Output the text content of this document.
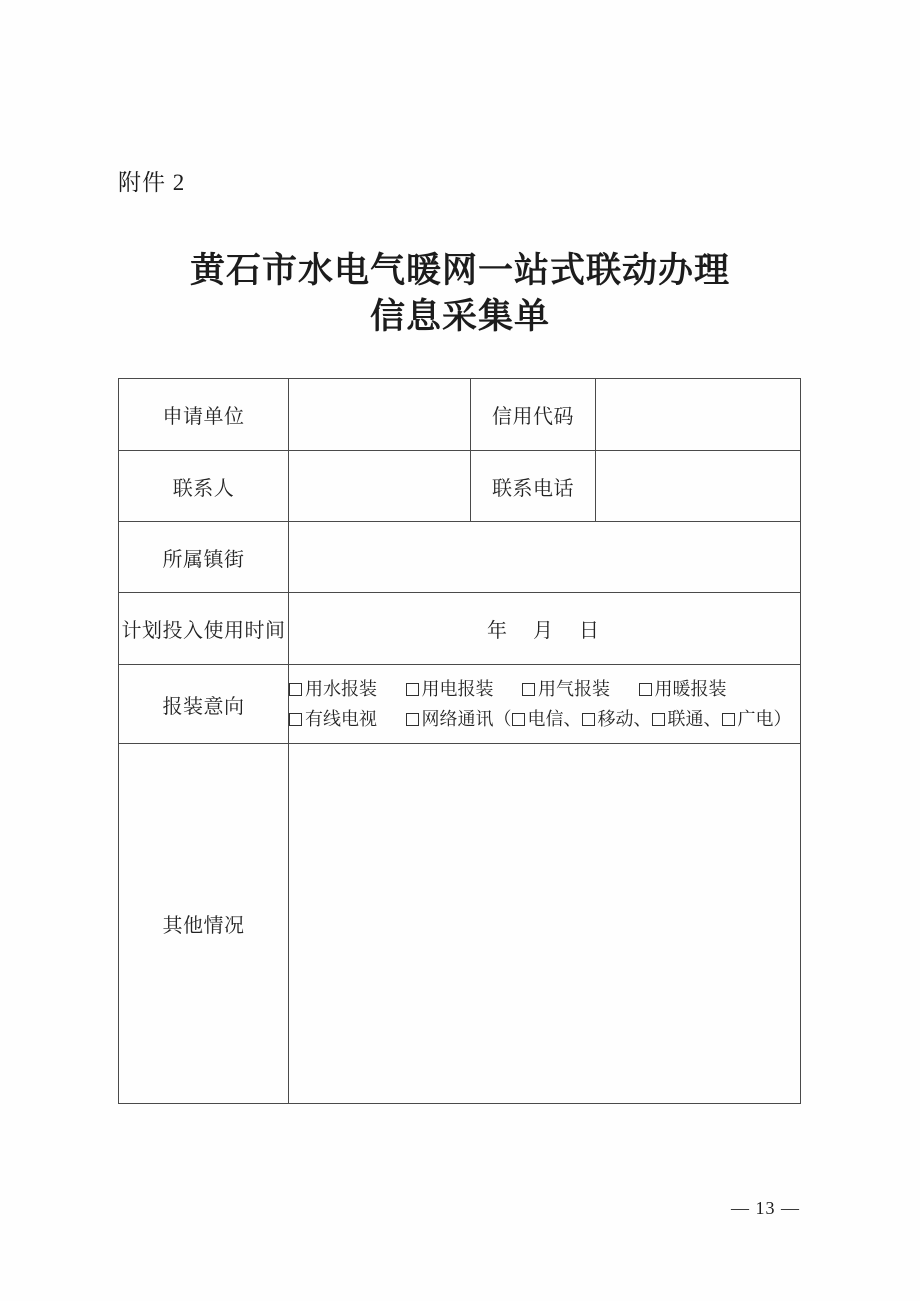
附件 2
黄石市水电气暖网一站式联动办理
信息采集单
申请单位		信用代码	
联系人		联系电话	
所属镇街			
计划投入使用时间	年　月　日		
报装意向	用水报装 用电报装 用气报装 用暖报装
有线电视 网络通讯（ 电信、 移动、 联通、 广电）		

其他情况			
— 13 —
